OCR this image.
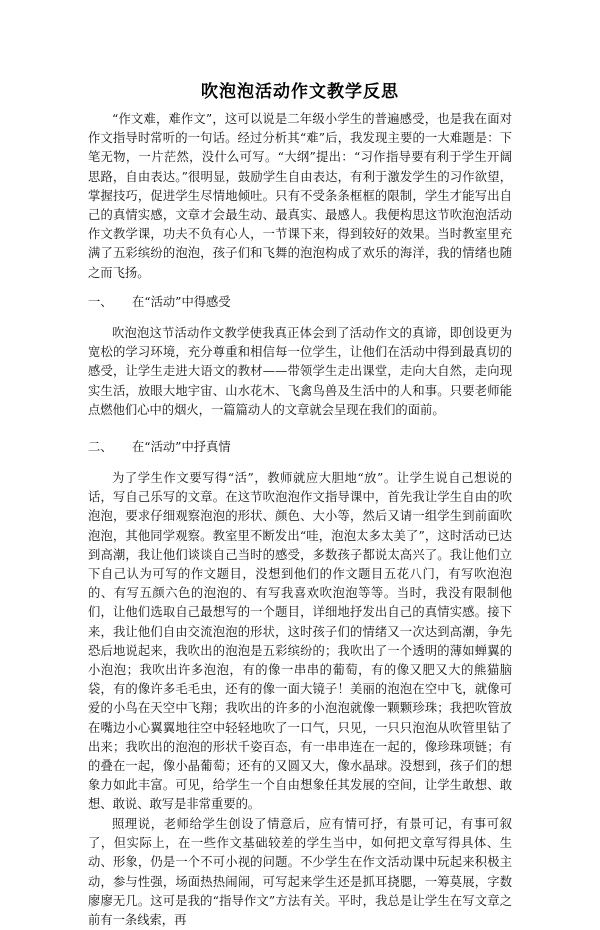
吹泡泡活动作文教学反思

“作文难，难作文”，这可以说是二年级小学生的普遍感受，也是我在面对作文指导时常听的一句话。经过分析其“难”后，我发现主要的一大难题是：下笔无物，一片茫然，没什么可写。“大纲”提出：“习作指导要有利于学生开阔思路，自由表达。”很明显，鼓励学生自由表达，有利于激发学生的习作欲望，掌握技巧，促进学生尽情地倾吐。只有不受条条框框的限制，学生才能写出自己的真情实感，文章才会最生动、最真实、最感人。我便构思这节吹泡泡活动作文教学课，功夫不负有心人，一节课下来，得到较好的效果。当时教室里充满了五彩缤纷的泡泡，孩子们和飞舞的泡泡构成了欢乐的海洋，我的情绪也随之而飞扬。

一、 在“活动”中得感受

吹泡泡这节活动作文教学使我真正体会到了活动作文的真谛，即创设更为宽松的学习环境，充分尊重和相信每一位学生，让他们在活动中得到最真切的感受，让学生走进大语文的教材——带领学生走出课堂，走向大自然，走向现实生活，放眼大地宇宙、山水花木、飞禽鸟兽及生活中的人和事。只要老师能点燃他们心中的烟火，一篇篇动人的文章就会呈现在我们的面前。

二、 在“活动”中抒真情

为了学生作文要写得“活”，教师就应大胆地“放”。让学生说自己想说的话，写自己乐写的文章。在这节吹泡泡作文指导课中，首先我让学生自由的吹泡泡，要求仔细观察泡泡的形状、颜色、大小等，然后又请一组学生到前面吹泡泡，其他同学观察。教室里不断发出“哇，泡泡太多太美了”，这时活动已达到高潮，我让他们谈谈自己当时的感受，多数孩子都说太高兴了。我让他们立下自己认为可写的作文题目，没想到他们的作文题目五花八门，有写吹泡泡的、有写五颜六色的泡泡的、有写我喜欢吹泡泡等等。当时，我没有限制他们，让他们选取自己最想写的一个题目，详细地抒发出自己的真情实感。接下来，我让他们自由交流泡泡的形状，这时孩子们的情绪又一次达到高潮，争先恐后地说起来，我吹出的泡泡是五彩缤纷的；我吹出了一个透明的薄如蝉翼的小泡泡；我吹出许多泡泡，有的像一串串的葡萄，有的像又肥又大的熊猫脑袋，有的像许多毛毛虫，还有的像一面大镜子！美丽的泡泡在空中飞，就像可爱的小鸟在天空中飞翔；我吹出的许多的小泡泡就像一颗颗珍珠；我把吹管放在嘴边小心翼翼地往空中轻轻地吹了一口气，只见，一只只泡泡从吹管里钻了出来；我吹出的泡泡的形状千姿百态，有一串串连在一起的，像珍珠项链；有的叠在一起，像小晶葡萄；还有的又圆又大，像水晶球。没想到，孩子们的想象力如此丰富。可见，给学生一个自由想象任其发展的空间，让学生敢想、敢想、敢说、敢写是非常重要的。

照理说，老师给学生创设了情意后，应有情可抒，有景可记，有事可叙了，但实际上，在一些作文基础较差的学生当中，如何把文章写得具体、生动、形象，仍是一个不可小视的问题。不少学生在作文活动课中玩起来积极主动，参与性强，场面热热闹闹，可写起来学生还是抓耳挠腮，一筹莫展，字数廖廖无几。这可是我的“指导作文”方法有关。平时，我总是让学生在写文章之前有一条线索，再
